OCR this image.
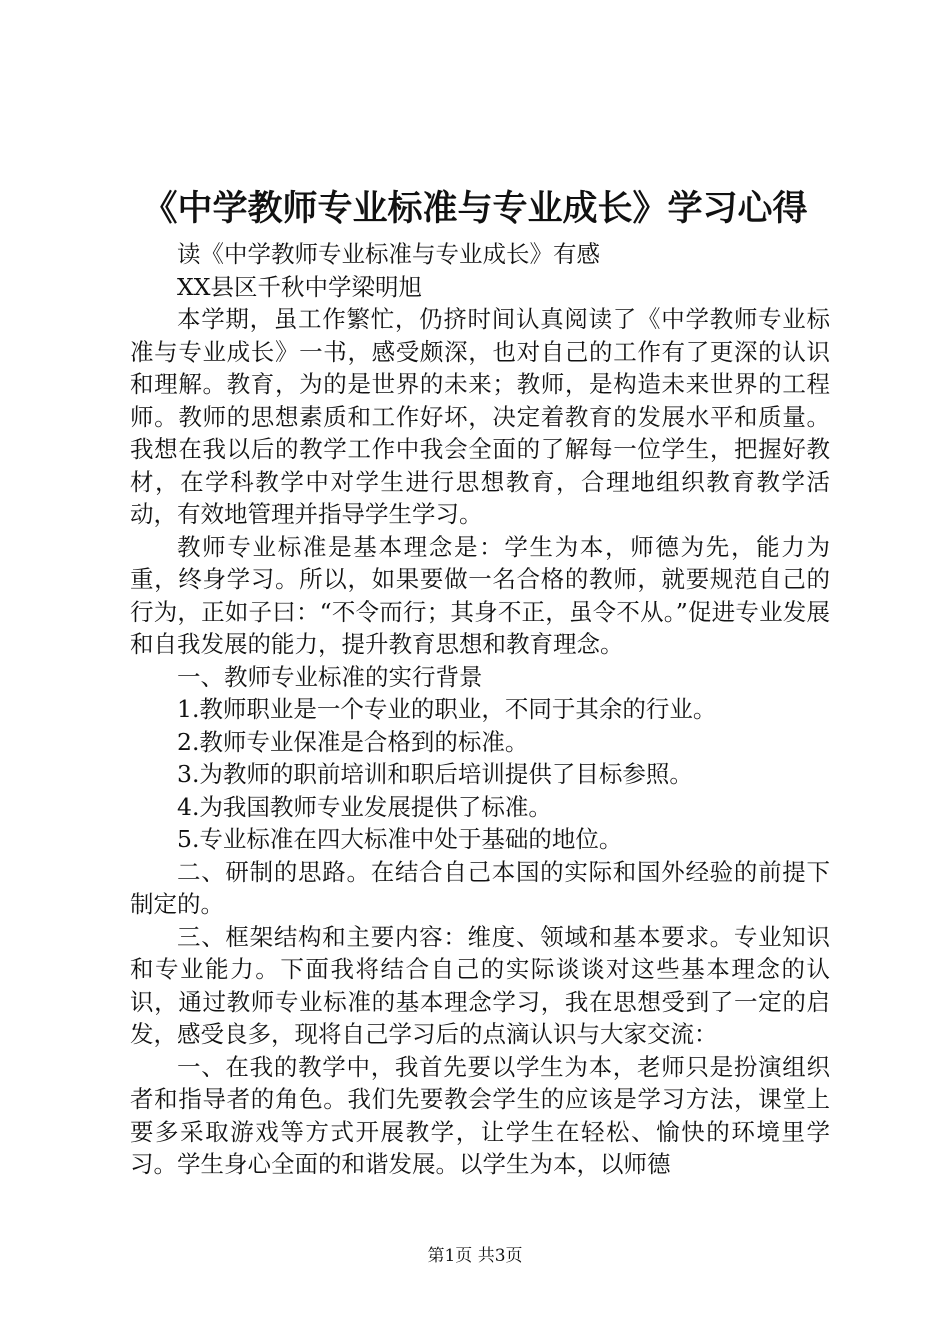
《中学教师专业标准与专业成长》学习心得

读《中学教师专业标准与专业成长》有感

XX县区千秋中学梁明旭

本学期，虽工作繁忙，仍挤时间认真阅读了《中学教师专业标准与专业成长》一书，感受颇深，也对自己的工作有了更深的认识和理解。教育，为的是世界的未来；教师，是构造未来世界的工程师。教师的思想素质和工作好坏，决定着教育的发展水平和质量。我想在我以后的教学工作中我会全面的了解每一位学生，把握好教材，在学科教学中对学生进行思想教育，合理地组织教育教学活动，有效地管理并指导学生学习。

教师专业标准是基本理念是：学生为本，师德为先，能力为重，终身学习。所以，如果要做一名合格的教师，就要规范自己的行为，正如子曰：“不令而行；其身不正，虽令不从。”促进专业发展和自我发展的能力，提升教育思想和教育理念。

一、教师专业标准的实行背景

1.教师职业是一个专业的职业，不同于其余的行业。

2.教师专业保准是合格到的标准。

3.为教师的职前培训和职后培训提供了目标参照。

4.为我国教师专业发展提供了标准。

5.专业标准在四大标准中处于基础的地位。

二、研制的思路。在结合自己本国的实际和国外经验的前提下制定的。

三、框架结构和主要内容：维度、领域和基本要求。专业知识和专业能力。下面我将结合自己的实际谈谈对这些基本理念的认识，通过教师专业标准的基本理念学习，我在思想受到了一定的启发，感受良多，现将自己学习后的点滴认识与大家交流：

一、在我的教学中，我首先要以学生为本，老师只是扮演组织者和指导者的角色。我们先要教会学生的应该是学习方法，课堂上要多采取游戏等方式开展教学，让学生在轻松、愉快的环境里学习。学生身心全面的和谐发展。以学生为本，以师德

第1页 共3页
